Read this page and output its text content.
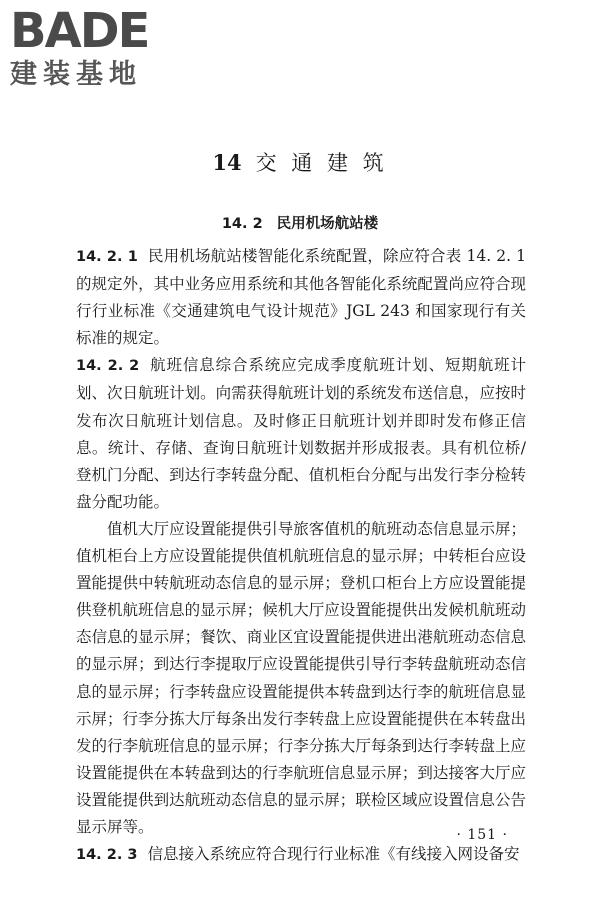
BADE
建装基地
14 交 通 建 筑
14. 2 民用机场航站楼

14. 2. 1 民用机场航站楼智能化系统配置，除应符合表 14. 2. 1 的规定外，其中业务应用系统和其他各智能化系统配置尚应符合现行行业标准《交通建筑电气设计规范》JGL 243 和国家现行有关标准的规定。

14. 2. 2 航班信息综合系统应完成季度航班计划、短期航班计划、次日航班计划。向需获得航班计划的系统发布送信息，应按时发布次日航班计划信息。及时修正日航班计划并即时发布修正信息。统计、存储、查询日航班计划数据并形成报表。具有机位桥/登机门分配、到达行李转盘分配、值机柜台分配与出发行李分检转盘分配功能。

值机大厅应设置能提供引导旅客值机的航班动态信息显示屏；值机柜台上方应设置能提供值机航班信息的显示屏；中转柜台应设置能提供中转航班动态信息的显示屏；登机口柜台上方应设置能提供登机航班信息的显示屏；候机大厅应设置能提供出发候机航班动态信息的显示屏；餐饮、商业区宜设置能提供进出港航班动态信息的显示屏；到达行李提取厅应设置能提供引导行李转盘航班动态信息的显示屏；行李转盘应设置能提供本转盘到达行李的航班信息显示屏；行李分拣大厅每条出发行李转盘上应设置能提供在本转盘出发的行李航班信息的显示屏；行李分拣大厅每条到达行李转盘上应设置能提供在本转盘到达的行李航班信息显示屏；到达接客大厅应设置能提供到达航班动态信息的显示屏；联检区域应设置信息公告显示屏等。

14. 2. 3 信息接入系统应符合现行行业标准《有线接入网设备安

· 151 ·
